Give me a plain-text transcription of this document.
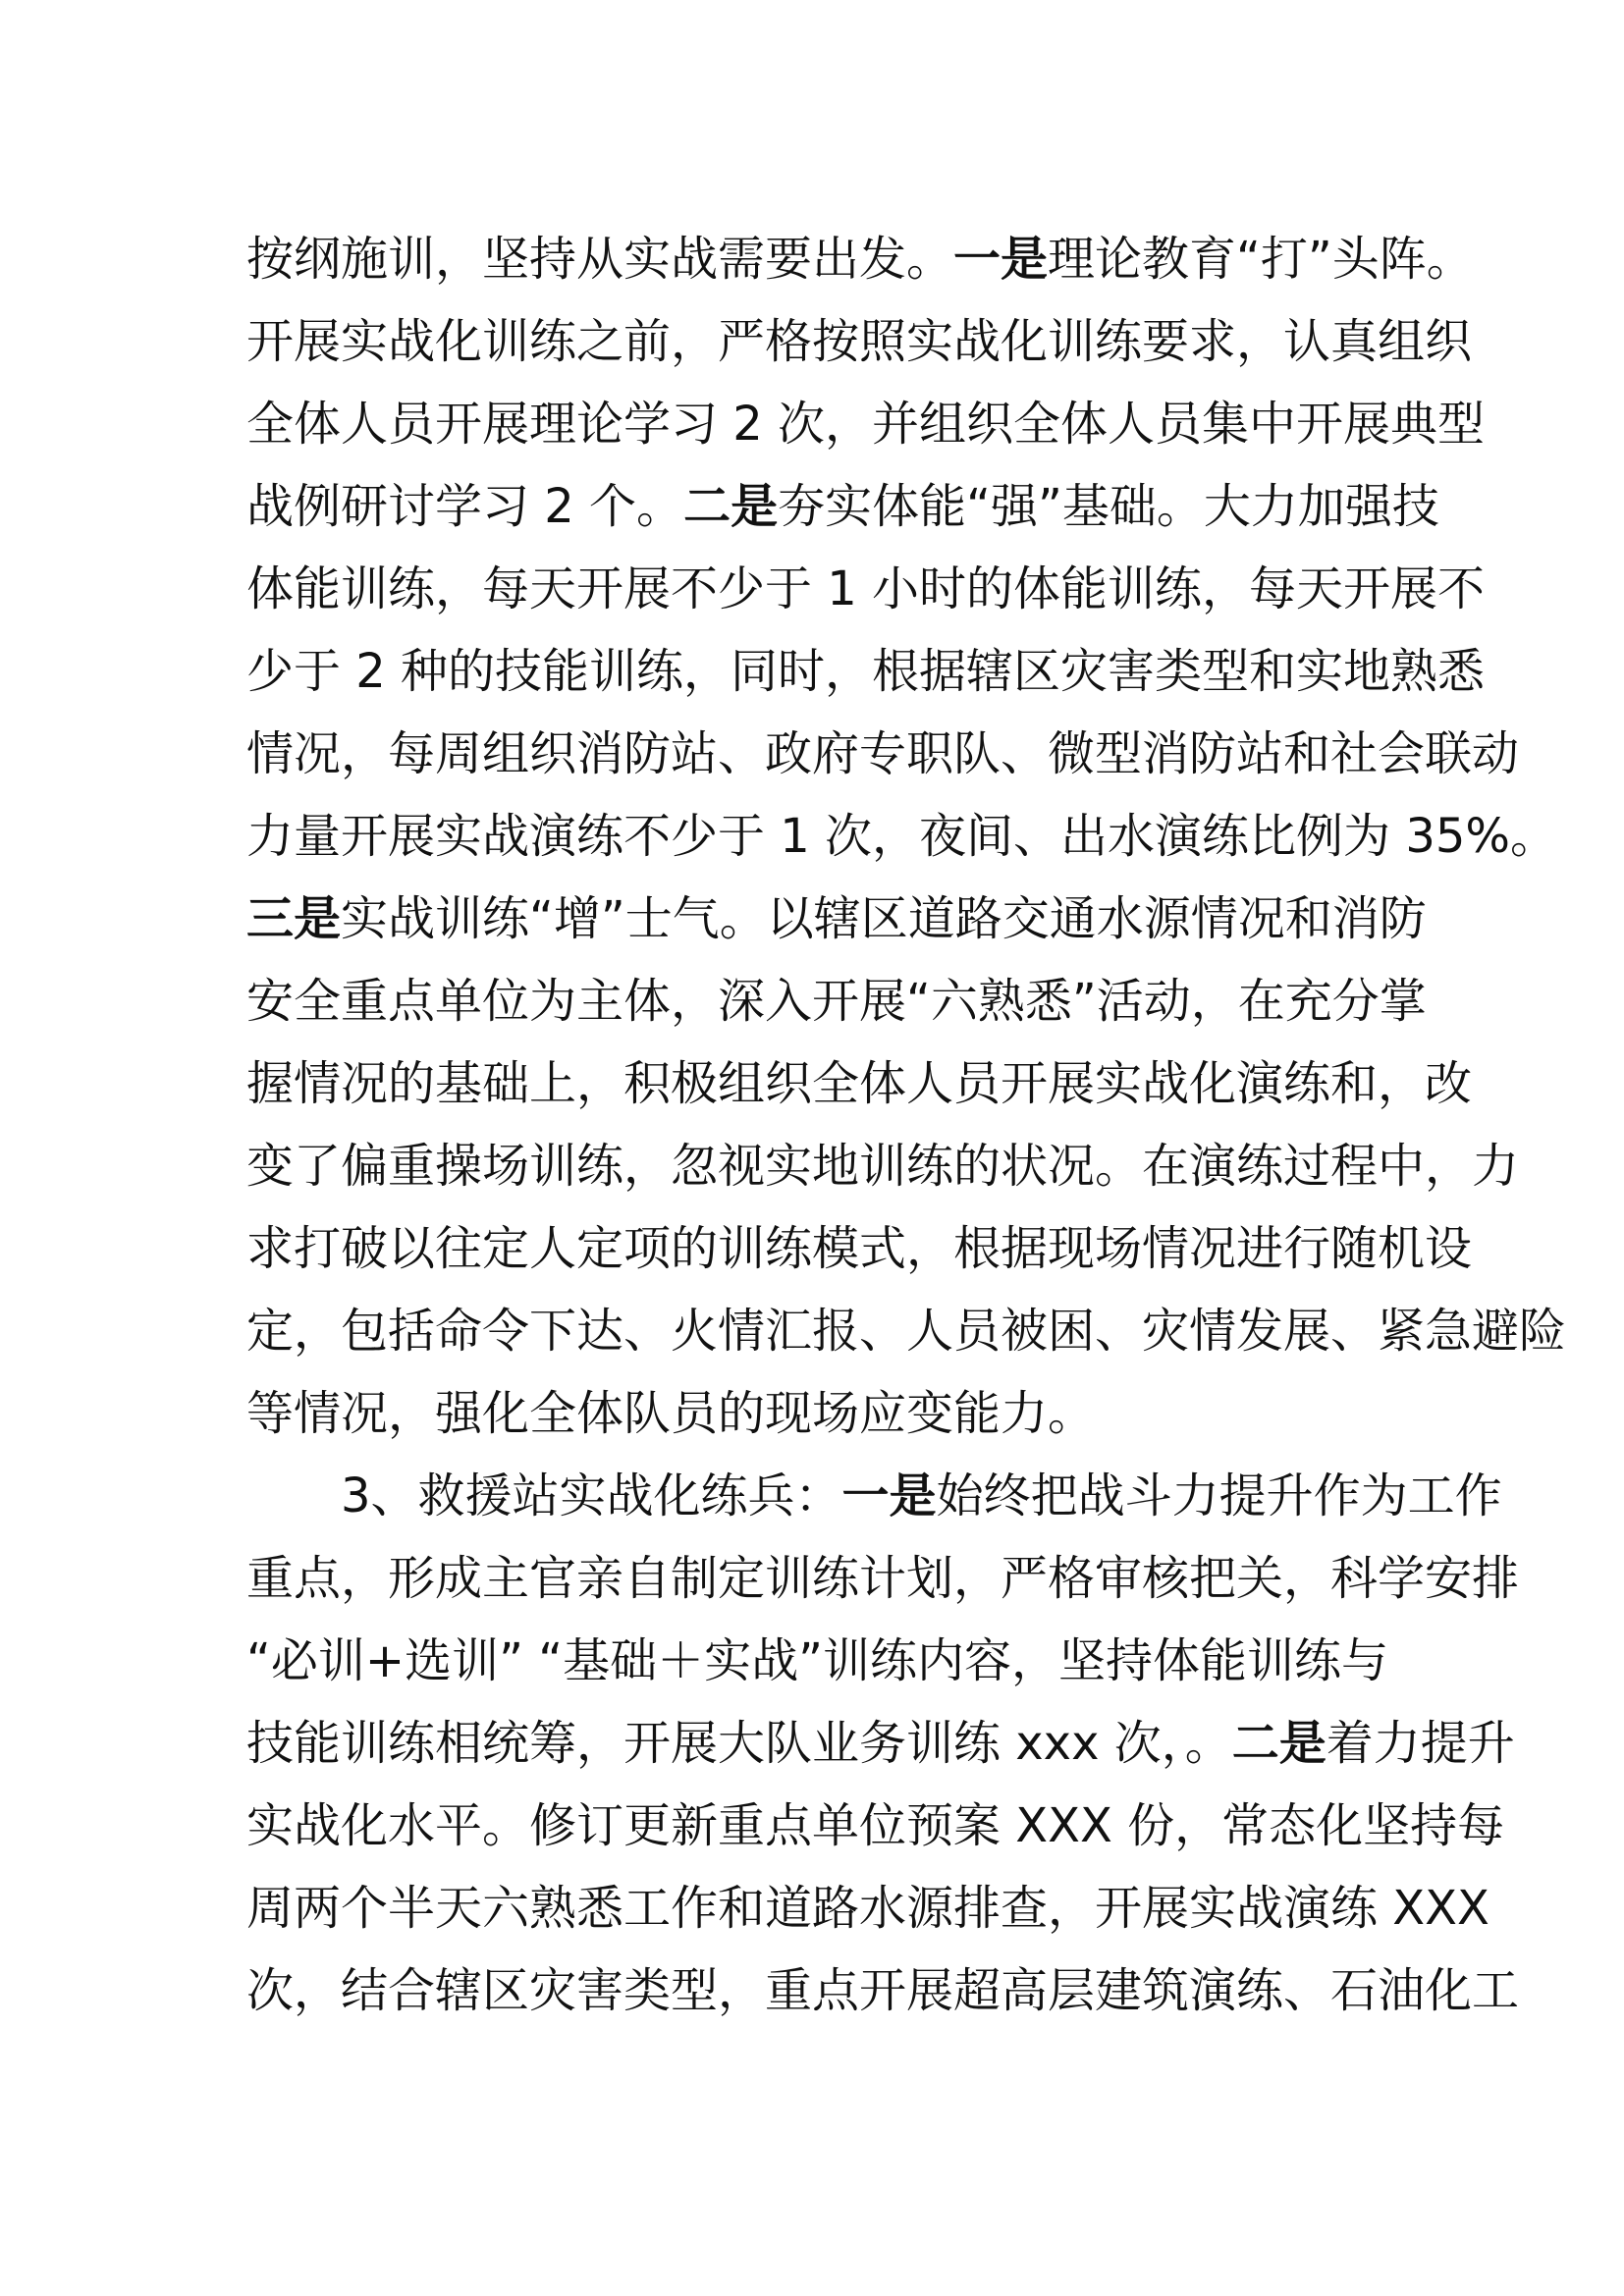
按纲施训，坚持从实战需要出发。一是理论教育“打”头阵。
开展实战化训练之前，严格按照实战化训练要求，认真组织
全体人员开展理论学习 2 次，并组织全体人员集中开展典型
战例研讨学习 2 个。二是夯实体能“强”基础。大力加强技
体能训练，每天开展不少于 1 小时的体能训练，每天开展不
少于 2 种的技能训练，同时，根据辖区灾害类型和实地熟悉
情况，每周组织消防站、政府专职队、微型消防站和社会联动
力量开展实战演练不少于 1 次，夜间、出水演练比例为 35%。
三是实战训练“增”士气。以辖区道路交通水源情况和消防
安全重点单位为主体，深入开展“六熟悉”活动，在充分掌
握情况的基础上，积极组织全体人员开展实战化演练和，改
变了偏重操场训练，忽视实地训练的状况。在演练过程中，力
求打破以往定人定项的训练模式，根据现场情况进行随机设
定，包括命令下达、火情汇报、人员被困、灾情发展、紧急避险
等情况，强化全体队员的现场应变能力。
3、救援站实战化练兵：一是始终把战斗力提升作为工作
重点，形成主官亲自制定训练计划，严格审核把关，科学安排
“必训+选训” “基础＋实战”训练内容，坚持体能训练与
技能训练相统筹，开展大队业务训练 xxx 次，。二是着力提升
实战化水平。修订更新重点单位预案 XXX 份，常态化坚持每
周两个半天六熟悉工作和道路水源排查，开展实战演练 XXX
次，结合辖区灾害类型，重点开展超高层建筑演练、石油化工
